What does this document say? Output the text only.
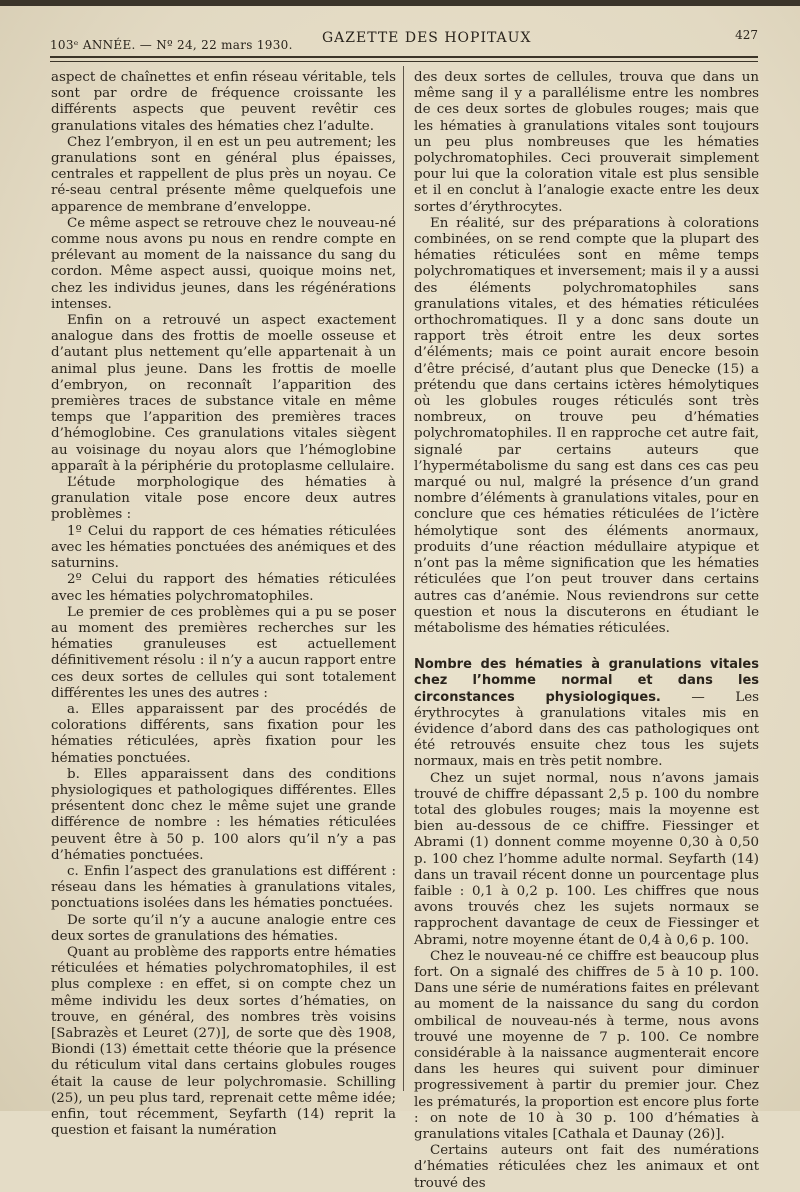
103ᵉ ANNÉE. — Nº 24, 22 mars 1930. GAZETTE DES HOPITAUX	427

aspect de chaînettes et enfin réseau véritable, tels sont par ordre de fréquence croissante les différents aspects que peuvent revêtir ces granulations vitales des hématies chez l’adulte.

Chez l’embryon, il en est un peu autrement; les granulations sont en général plus épaisses, centrales et rappellent de plus près un noyau. Ce ré-seau central présente même quelquefois une apparence de membrane d’enveloppe.

Ce même aspect se retrouve chez le nouveau-né comme nous avons pu nous en rendre compte en prélevant au moment de la naissance du sang du cordon. Même aspect aussi, quoique moins net, chez les individus jeunes, dans les régénérations intenses.

Enfin on a retrouvé un aspect exactement analogue dans des frottis de moelle osseuse et d’autant plus nettement qu’elle appartenait à un animal plus jeune. Dans les frottis de moelle d’embryon, on reconnaît l’apparition des premières traces de substance vitale en même temps que l’apparition des premières traces d’hémoglobine. Ces granulations vitales siègent au voisinage du noyau alors que l’hémoglobine apparaît à la périphérie du protoplasme cellulaire.

L’étude morphologique des hématies à granulation vitale pose encore deux autres problèmes :

1º Celui du rapport de ces hématies réticulées avec les hématies ponctuées des anémiques et des saturnins.

2º Celui du rapport des hématies réticulées avec les hématies polychromatophiles.

Le premier de ces problèmes qui a pu se poser au moment des premières recherches sur les hématies granuleuses est actuellement définitivement résolu : il n’y a aucun rapport entre ces deux sortes de cellules qui sont totalement différentes les unes des autres :

a. Elles apparaissent par des procédés de colorations différents, sans fixation pour les hématies réticulées, après fixation pour les hématies ponctuées.

b. Elles apparaissent dans des conditions physiologiques et pathologiques différentes. Elles présentent donc chez le même sujet une grande différence de nombre : les hématies réticulées peuvent être à 50 p. 100 alors qu’il n’y a pas d’hématies ponctuées.

c. Enfin l’aspect des granulations est différent : réseau dans les hématies à granulations vitales, ponctuations isolées dans les hématies ponctuées.

De sorte qu’il n’y a aucune analogie entre ces deux sortes de granulations des hématies.

Quant au problème des rapports entre hématies réticulées et hématies polychromatophiles, il est plus complexe : en effet, si on compte chez un même individu les deux sortes d’hématies, on trouve, en général, des nombres très voisins [Sabrazès et Leuret (27)], de sorte que dès 1908, Biondi (13) émettait cette théorie que la présence du réticulum vital dans certains globules rouges était la cause de leur polychromasie. Schilling (25), un peu plus tard, reprenait cette même idée; enfin, tout récemment, Seyfarth (14) reprit la question et faisant la numération

des deux sortes de cellules, trouva que dans un même sang il y a parallélisme entre les nombres de ces deux sortes de globules rouges; mais que les hématies à granulations vitales sont toujours un peu plus nombreuses que les hématies polychromatophiles. Ceci prouverait simplement pour lui que la coloration vitale est plus sensible et il en conclut à l’analogie exacte entre les deux sortes d’érythrocytes.

En réalité, sur des préparations à colorations combinées, on se rend compte que la plupart des hématies réticulées sont en même temps polychromatiques et inversement; mais il y a aussi des éléments polychromatophiles sans granulations vitales, et des hématies réticulées orthochromatiques. Il y a donc sans doute un rapport très étroit entre les deux sortes d’éléments; mais ce point aurait encore besoin d’être précisé, d’autant plus que Denecke (15) a prétendu que dans certains ictères hémolytiques où les globules rouges réticulés sont très nombreux, on trouve peu d’hématies polychromatophiles. Il en rapproche cet autre fait, signalé par certains auteurs que l’hypermétabolisme du sang est dans ces cas peu marqué ou nul, malgré la présence d’un grand nombre d’éléments à granulations vitales, pour en conclure que ces hématies réticulées de l’ictère hémolytique sont des éléments anormaux, produits d’une réaction médullaire atypique et n’ont pas la même signification que les hématies réticulées que l’on peut trouver dans certains autres cas d’anémie. Nous reviendrons sur cette question et nous la discuterons en étudiant le métabolisme des hématies réticulées.

Nombre des hématies à granulations vitales chez l’homme normal et dans les circonstances physiologiques. — Les érythrocytes à granulations vitales mis en évidence d’abord dans des cas pathologiques ont été retrouvés ensuite chez tous les sujets normaux, mais en très petit nombre.

Chez un sujet normal, nous n’avons jamais trouvé de chiffre dépassant 2,5 p. 100 du nombre total des globules rouges; mais la moyenne est bien au-dessous de ce chiffre. Fiessinger et Abrami (1) donnent comme moyenne 0,30 à 0,50 p. 100 chez l’homme adulte normal. Seyfarth (14) dans un travail récent donne un pourcentage plus faible : 0,1 à 0,2 p. 100. Les chiffres que nous avons trouvés chez les sujets normaux se rapprochent davantage de ceux de Fiessinger et Abrami, notre moyenne étant de 0,4 à 0,6 p. 100.

Chez le nouveau-né ce chiffre est beaucoup plus fort. On a signalé des chiffres de 5 à 10 p. 100. Dans une série de numérations faites en prélevant au moment de la naissance du sang du cordon ombilical de nouveau-nés à terme, nous avons trouvé une moyenne de 7 p. 100. Ce nombre considérable à la naissance augmenterait encore dans les heures qui suivent pour diminuer progressivement à partir du premier jour. Chez les prématurés, la proportion est encore plus forte : on note de 10 à 30 p. 100 d’hématies à granulations vitales [Cathala et Daunay (26)].

Certains auteurs ont fait des numérations d’hématies réticulées chez les animaux et ont trouvé des
